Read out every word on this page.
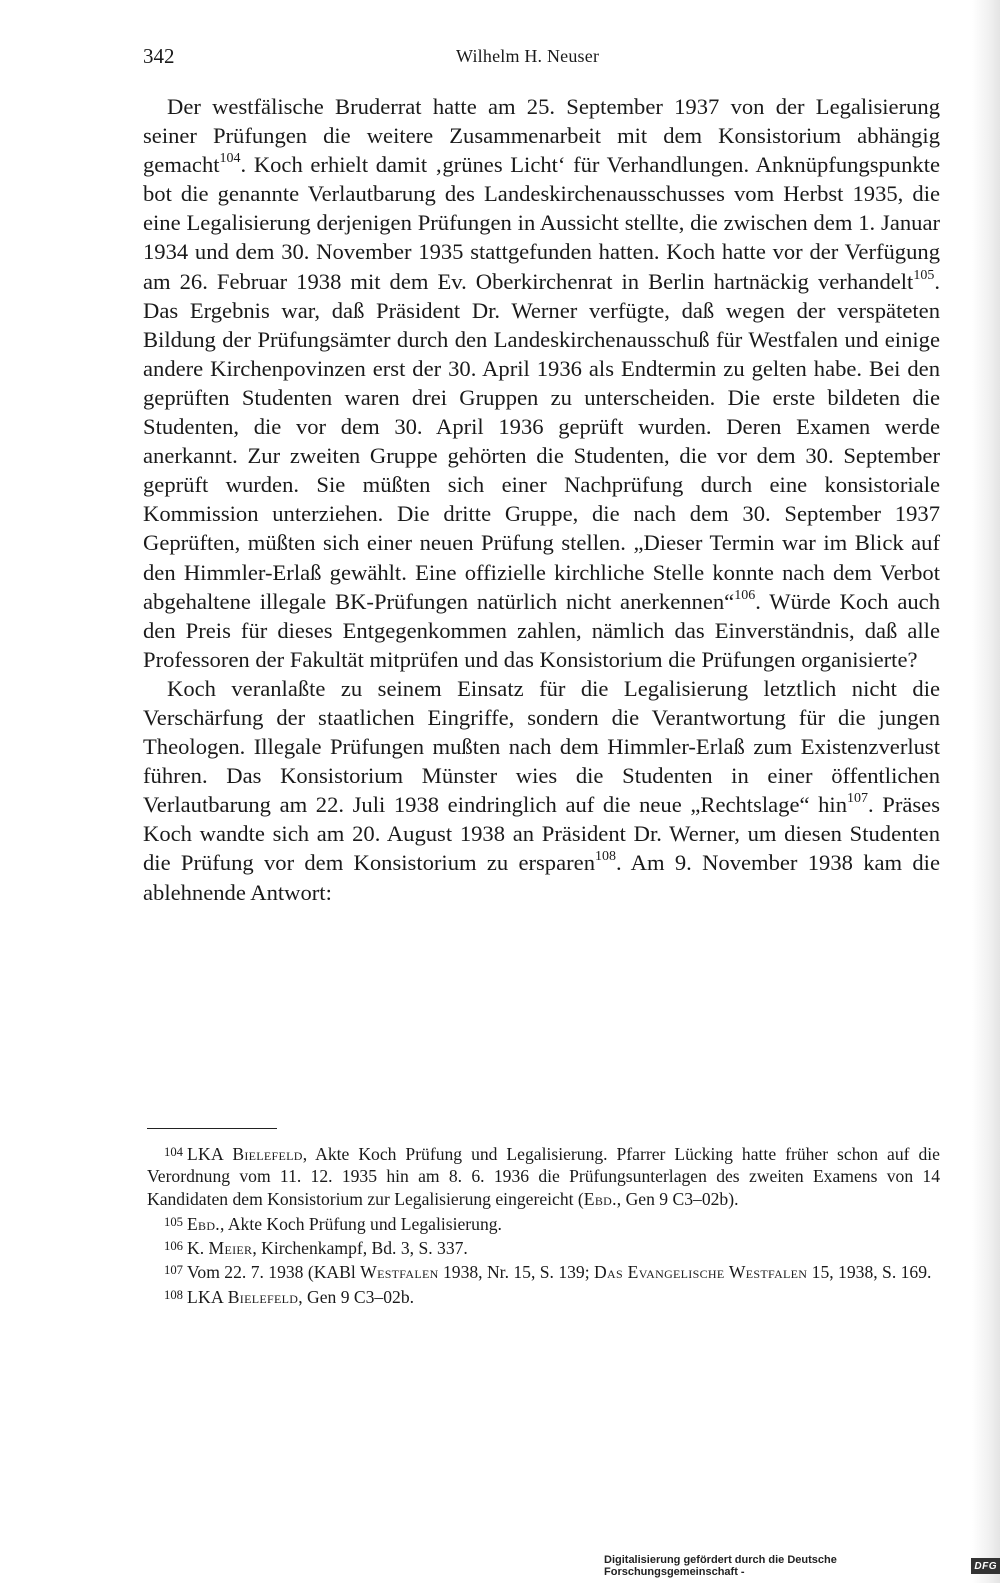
342	Wilhelm H. Neuser

Der westfälische Bruderrat hatte am 25. September 1937 von der Legalisierung seiner Prüfungen die weitere Zusammenarbeit mit dem Konsistorium abhängig gemacht$^{104}$. Koch erhielt damit ‚grünes Licht‘ für Verhandlungen. Anknüpfungspunkte bot die genannte Verlautbarung des Landeskirchenausschusses vom Herbst 1935, die eine Legalisierung derjenigen Prüfungen in Aussicht stellte, die zwischen dem 1. Januar 1934 und dem 30. November 1935 stattgefunden hatten. Koch hatte vor der Verfügung am 26. Februar 1938 mit dem Ev. Oberkirchenrat in Berlin hartnäckig verhandelt$^{105}$. Das Ergebnis war, daß Präsident Dr. Werner verfügte, daß wegen der verspäteten Bildung der Prüfungsämter durch den Landeskirchenausschuß für Westfalen und einige andere Kirchenpovinzen erst der 30. April 1936 als Endtermin zu gelten habe. Bei den geprüften Studenten waren drei Gruppen zu unterscheiden. Die erste bildeten die Studenten, die vor dem 30. April 1936 geprüft wurden. Deren Examen werde anerkannt. Zur zweiten Gruppe gehörten die Studenten, die vor dem 30. September geprüft wurden. Sie müßten sich einer Nachprüfung durch eine konsistoriale Kommission unterziehen. Die dritte Gruppe, die nach dem 30. September 1937 Geprüften, müßten sich einer neuen Prüfung stellen. „Dieser Termin war im Blick auf den Himmler-Erlaß gewählt. Eine offizielle kirchliche Stelle konnte nach dem Verbot abgehaltene illegale BK-Prüfungen natürlich nicht anerkennen“$^{106}$. Würde Koch auch den Preis für dieses Entgegenkommen zahlen, nämlich das Einverständnis, daß alle Professoren der Fakultät mitprüfen und das Konsistorium die Prüfungen organisierte?

Koch veranlaßte zu seinem Einsatz für die Legalisierung letztlich nicht die Verschärfung der staatlichen Eingriffe, sondern die Verantwortung für die jungen Theologen. Illegale Prüfungen mußten nach dem Himmler-Erlaß zum Existenzverlust führen. Das Konsistorium Münster wies die Studenten in einer öffentlichen Verlautbarung am 22. Juli 1938 eindringlich auf die neue „Rechtslage“ hin$^{107}$. Präses Koch wandte sich am 20. August 1938 an Präsident Dr. Werner, um diesen Studenten die Prüfung vor dem Konsistorium zu ersparen$^{108}$. Am 9. November 1938 kam die ablehnende Antwort:

$^{104}$ LKA Bielefeld, Akte Koch Prüfung und Legalisierung. Pfarrer Lücking hatte früher schon auf die Verordnung vom 11. 12. 1935 hin am 8. 6. 1936 die Prüfungsunterlagen des zweiten Examens von 14 Kandidaten dem Konsistorium zur Legalisierung eingereicht (Ebd., Gen 9 C3–02b).

$^{105}$ Ebd., Akte Koch Prüfung und Legalisierung.

$^{106}$ K. Meier, Kirchenkampf, Bd. 3, S. 337.

$^{107}$ Vom 22. 7. 1938 (KABl Westfalen 1938, Nr. 15, S. 139; Das Evangelische Westfalen 15, 1938, S. 169.

$^{108}$ LKA Bielefeld, Gen 9 C3–02b.

Digitalisierung gefördert durch die Deutsche Forschungsgemeinschaft -	DFG
